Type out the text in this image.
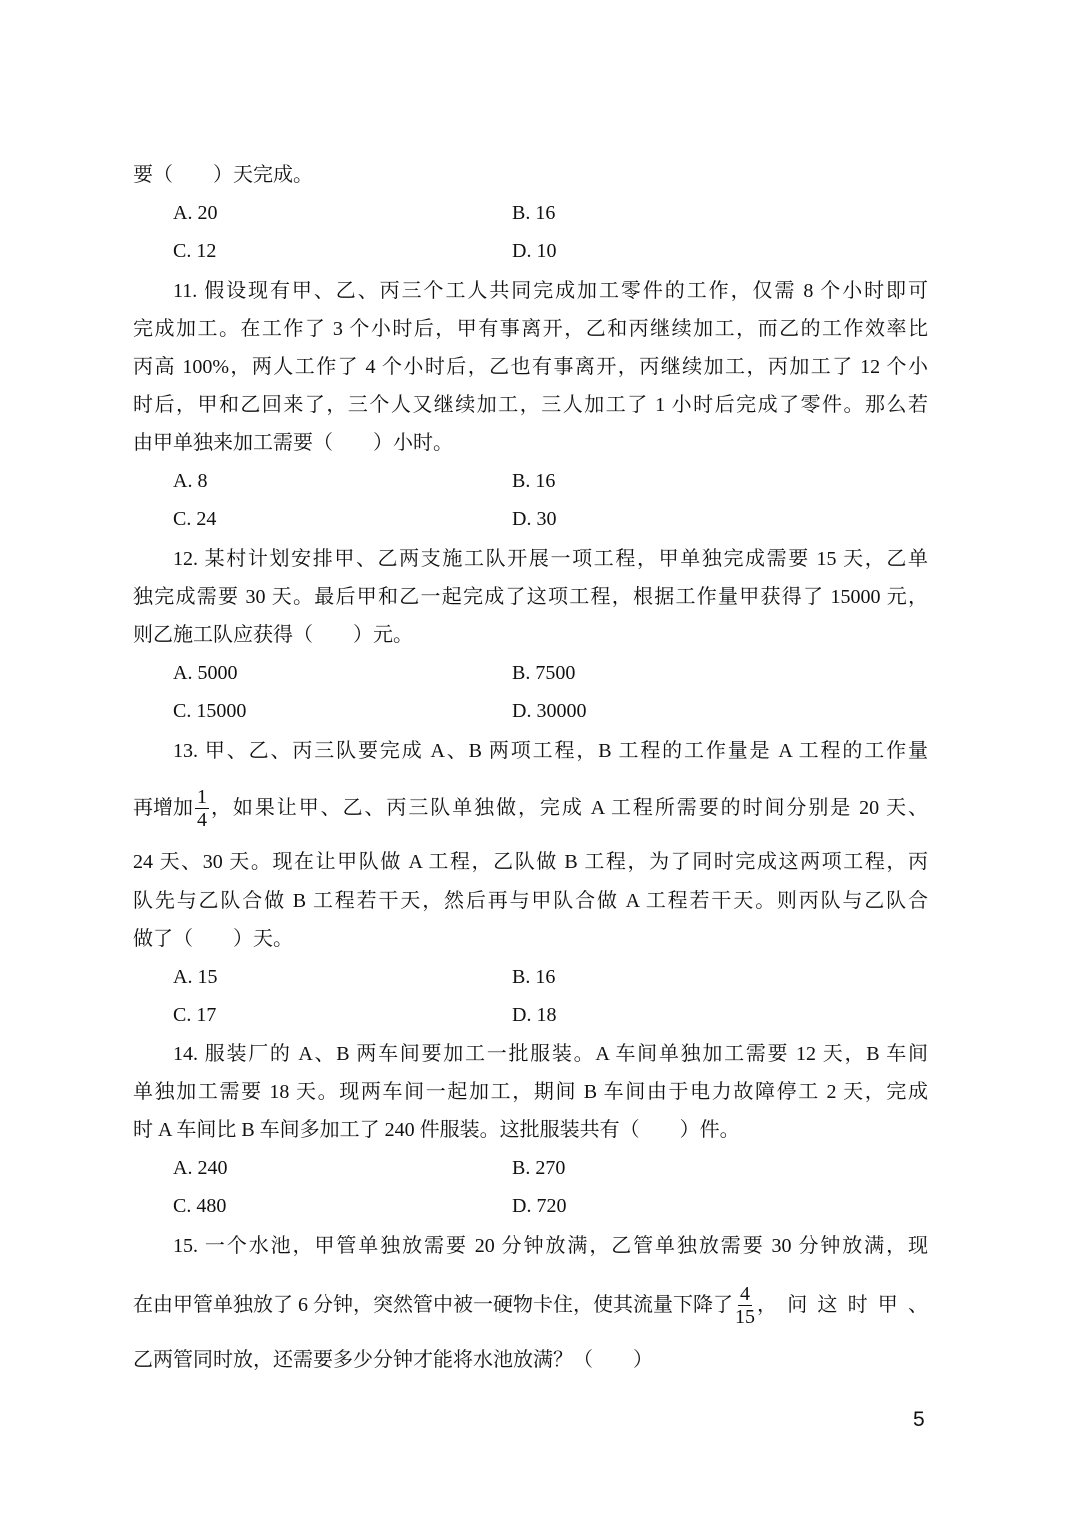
要（　　）天完成。
A. 20	B. 16
C. 12	D. 10
11. 假设现有甲、乙、丙三个工人共同完成加工零件的工作，仅需 8 个小时即可
完成加工。在工作了 3 个小时后，甲有事离开，乙和丙继续加工，而乙的工作效率比
丙高 100%，两人工作了 4 个小时后，乙也有事离开，丙继续加工，丙加工了 12 个小
时后，甲和乙回来了，三个人又继续加工，三人加工了 1 小时后完成了零件。那么若
由甲单独来加工需要（　　）小时。
A. 8	B. 16
C. 24	D. 30
12. 某村计划安排甲、乙两支施工队开展一项工程，甲单独完成需要 15 天，乙单
独完成需要 30 天。最后甲和乙一起完成了这项工程，根据工作量甲获得了 15000 元，
则乙施工队应获得（　　）元。
A. 5000	B. 7500
C. 15000	D. 30000
13. 甲、乙、丙三队要完成 A、B 两项工程，B 工程的工作量是 A 工程的工作量
再增加 $\frac{1}{4}$ ，如果让甲、乙、丙三队单独做，完成 A 工程所需要的时间分别是 20 天、
24 天、30 天。现在让甲队做 A 工程，乙队做 B 工程，为了同时完成这两项工程，丙
队先与乙队合做 B 工程若干天，然后再与甲队合做 A 工程若干天。则丙队与乙队合
做了（　　）天。
A. 15	B. 16
C. 17	D. 18
14. 服装厂的 A、B 两车间要加工一批服装。A 车间单独加工需要 12 天，B 车间
单独加工需要 18 天。现两车间一起加工，期间 B 车间由于电力故障停工 2 天，完成
时 A 车间比 B 车间多加工了 240 件服装。这批服装共有（　　）件。
A. 240	B. 270
C. 480	D. 720
15. 一个水池，甲管单独放需要 20 分钟放满，乙管单独放需要 30 分钟放满，现
在由甲管单独放了 6 分钟，突然管中被一硬物卡住，使其流量下降了 $\frac{4}{15}$ ，问这时甲、
乙两管同时放，还需要多少分钟才能将水池放满？（　　）
5
